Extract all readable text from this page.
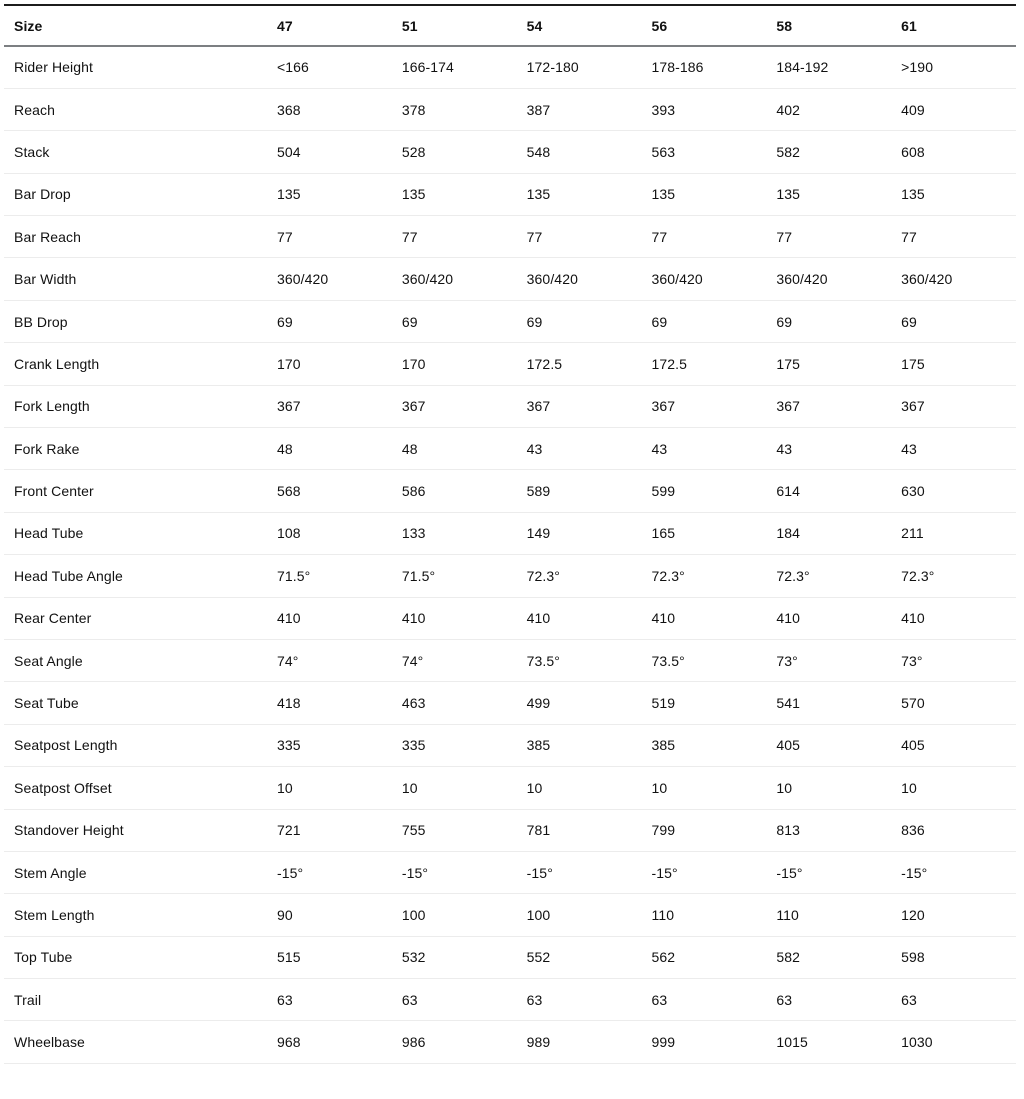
Size	47	51	54	56	58	61
Rider Height	<166	166-174	172-180	178-186	184-192	>190
Reach	368	378	387	393	402	409
Stack	504	528	548	563	582	608
Bar Drop	135	135	135	135	135	135
Bar Reach	77	77	77	77	77	77
Bar Width	360/420	360/420	360/420	360/420	360/420	360/420
BB Drop	69	69	69	69	69	69
Crank Length	170	170	172.5	172.5	175	175
Fork Length	367	367	367	367	367	367
Fork Rake	48	48	43	43	43	43
Front Center	568	586	589	599	614	630
Head Tube	108	133	149	165	184	211
Head Tube Angle	71.5°	71.5°	72.3°	72.3°	72.3°	72.3°
Rear Center	410	410	410	410	410	410
Seat Angle	74°	74°	73.5°	73.5°	73°	73°
Seat Tube	418	463	499	519	541	570
Seatpost Length	335	335	385	385	405	405
Seatpost Offset	10	10	10	10	10	10
Standover Height	721	755	781	799	813	836
Stem Angle	-15°	-15°	-15°	-15°	-15°	-15°
Stem Length	90	100	100	110	110	120
Top Tube	515	532	552	562	582	598
Trail	63	63	63	63	63	63
Wheelbase	968	986	989	999	1015	1030
